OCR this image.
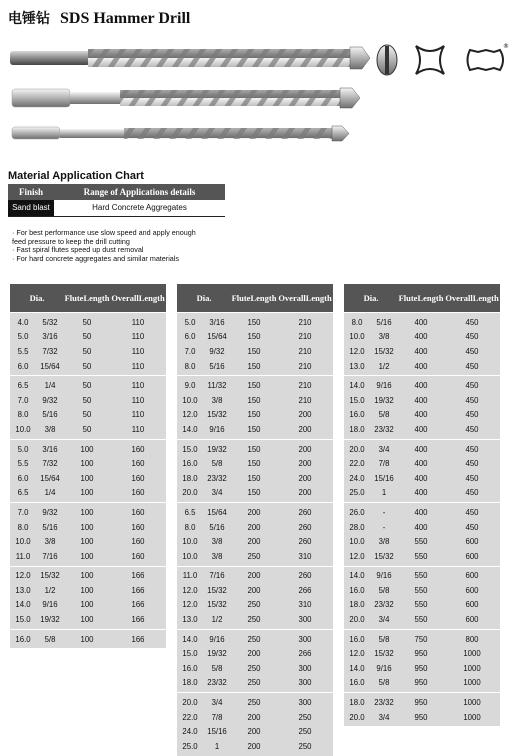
电锤钻 SDS Hammer Drill
®
Material Application Chart
Finish	Range of Applications details
Sand blast	Hard Concrete Aggregates
· For best performance use slow speed and apply enough
feed pressure to keep the drill cutting
· Fast spiral flutes speed up dust removal
· For hard concrete aggregates and similar materials
Dia. Flute Length Overall Length
4.0	5/32	50	110
5.0	3/16	50	110
5.5	7/32	50	110
6.0	15/64	50	110
6.5	1/4	50	110
7.0	9/32	50	110
8.0	5/16	50	110
10.0	3/8	50	110
5.0	3/16	100	160
5.5	7/32	100	160
6.0	15/64	100	160
6.5	1/4	100	160
7.0	9/32	100	160
8.0	5/16	100	160
10.0	3/8	100	160
11.0	7/16	100	160
12.0	15/32	100	166
13.0	1/2	100	166
14.0	9/16	100	166
15.0	19/32	100	166
16.0	5/8	100	166
Dia. Flute Length Overall Length
5.0	3/16	150	210
6.0	15/64	150	210
7.0	9/32	150	210
8.0	5/16	150	210
9.0	11/32	150	210
10.0	3/8	150	210
12.0	15/32	150	200
14.0	9/16	150	200
15.0	19/32	150	200
16.0	5/8	150	200
18.0	23/32	150	200
20.0	3/4	150	200
6.5	15/64	200	260
8.0	5/16	200	260
10.0	3/8	200	260
10.0	3/8	250	310
11.0	7/16	200	260
12.0	15/32	200	266
12.0	15/32	250	310
13.0	1/2	250	300
14.0	9/16	250	300
15.0	19/32	200	266
16.0	5/8	250	300
18.0	23/32	250	300
20.0	3/4	250	300
22.0	7/8	200	250
24.0	15/16	200	250
25.0	1	200	250
Dia. Flute Length Overall Length
8.0	5/16	400	450
10.0	3/8	400	450
12.0	15/32	400	450
13.0	1/2	400	450
14.0	9/16	400	450
15.0	19/32	400	450
16.0	5/8	400	450
18.0	23/32	400	450
20.0	3/4	400	450
22.0	7/8	400	450
24.0	15/16	400	450
25.0	1	400	450
26.0	-	400	450
28.0	-	400	450
10.0	3/8	550	600
12.0	15/32	550	600
14.0	9/16	550	600
16.0	5/8	550	600
18.0	23/32	550	600
20.0	3/4	550	600
16.0	5/8	750	800
12.0	15/32	950	1000
14.0	9/16	950	1000
16.0	5/8	950	1000
18.0	23/32	950	1000
20.0	3/4	950	1000
